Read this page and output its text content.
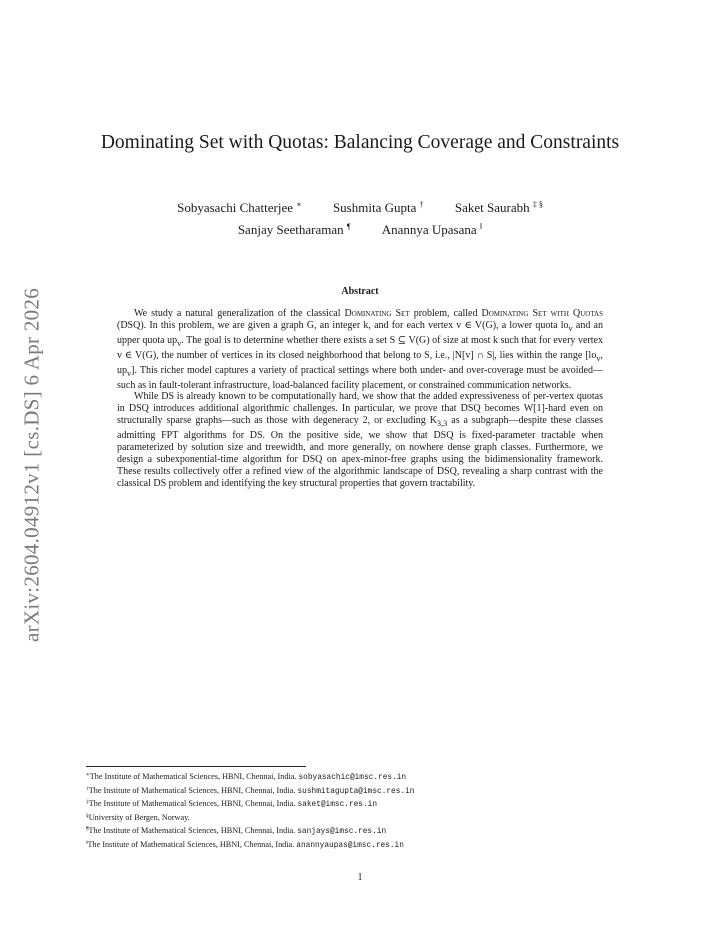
arXiv:2604.04912v1 [cs.DS] 6 Apr 2026
Dominating Set with Quotas: Balancing Coverage and Constraints
Sobyasachi Chatterjee ∗ Sushmita Gupta † Saket Saurabh ‡ §
Sanjay Seetharaman ¶ Anannya Upasana ‖
Abstract

We study a natural generalization of the classical Dominating Set problem, called Dominating Set with Quotas (DSQ). In this problem, we are given a graph G, an integer k, and for each vertex v ∈ V(G), a lower quota $lo_v$ and an upper quota $up_v$. The goal is to determine whether there exists a set S ⊆ V(G) of size at most k such that for every vertex v ∈ V(G), the number of vertices in its closed neighborhood that belong to S, i.e., |N[v] ∩ S|, lies within the range [$lo_v$, $up_v$]. This richer model captures a variety of practical settings where both under- and over-coverage must be avoided—such as in fault-tolerant infrastructure, load-balanced facility placement, or constrained communication networks.

While DS is already known to be computationally hard, we show that the added expressiveness of per-vertex quotas in DSQ introduces additional algorithmic challenges. In particular, we prove that DSQ becomes W[1]-hard even on structurally sparse graphs—such as those with degeneracy 2, or excluding $K_{3,3}$ as a subgraph—despite these classes admitting FPT algorithms for DS. On the positive side, we show that DSQ is fixed-parameter tractable when parameterized by solution size and treewidth, and more generally, on nowhere dense graph classes. Furthermore, we design a subexponential-time algorithm for DSQ on apex-minor-free graphs using the bidimensionality framework. These results collectively offer a refined view of the algorithmic landscape of DSQ, revealing a sharp contrast with the classical DS problem and identifying the key structural properties that govern tractability.

∗The Institute of Mathematical Sciences, HBNI, Chennai, India. sobyasachic@imsc.res.in
†The Institute of Mathematical Sciences, HBNI, Chennai, India. sushmitagupta@imsc.res.in
‡The Institute of Mathematical Sciences, HBNI, Chennai, India. saket@imsc.res.in
§University of Bergen, Norway.
¶The Institute of Mathematical Sciences, HBNI, Chennai, India. sanjays@imsc.res.in
‖The Institute of Mathematical Sciences, HBNI, Chennai, India. anannyaupas@imsc.res.in
1
